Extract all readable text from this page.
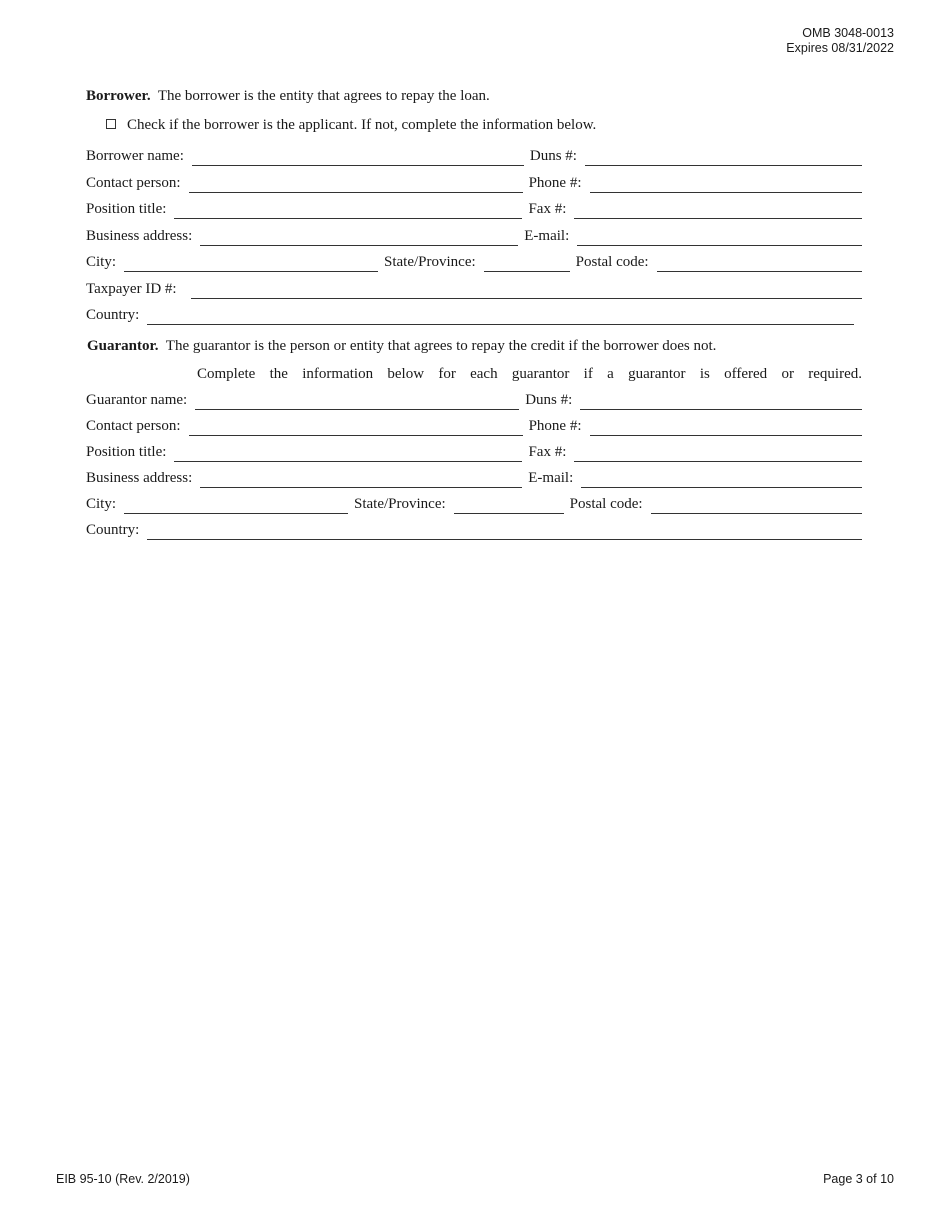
OMB 3048-0013
Expires 08/31/2022
Borrower. The borrower is the entity that agrees to repay the loan.
Check if the borrower is the applicant. If not, complete the information below.
Borrower name:	Duns #:
Contact person:	Phone #:
Position title:	Fax #:
Business address:	E-mail:
City:	State/Province:	Postal code:
Taxpayer ID #:
Country:
Guarantor. The guarantor is the person or entity that agrees to repay the credit if the borrower does not.
Complete the information below for each guarantor if a guarantor is offered or required.
Guarantor name:	Duns #:
Contact person:	Phone #:
Position title:	Fax #:
Business address:	E-mail:
City:	State/Province:	Postal code:
Country:
EIB 95-10 (Rev. 2/2019)	Page 3 of 10
